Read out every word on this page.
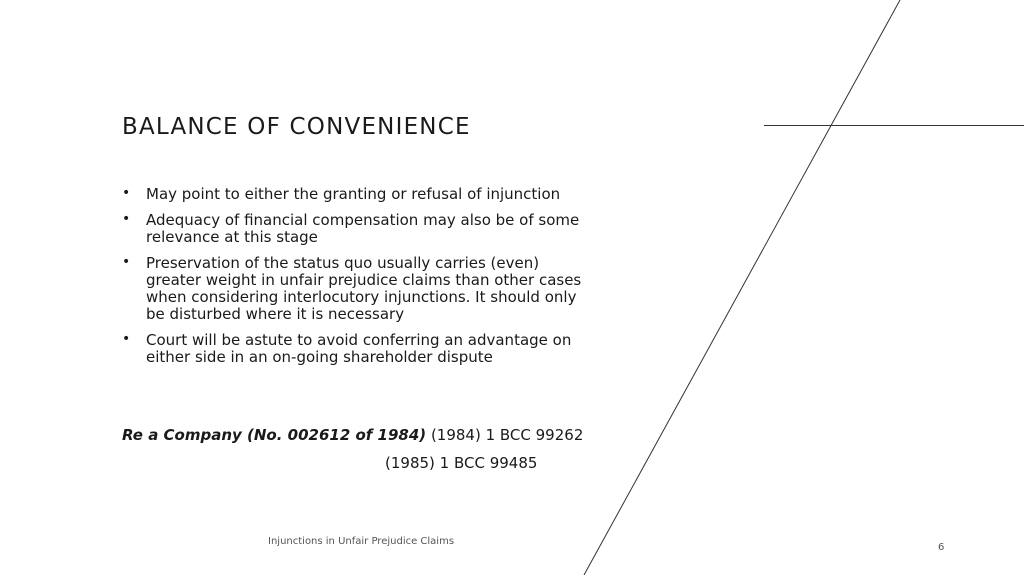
BALANCE OF CONVENIENCE
• May point to either the granting or refusal of injunction
• Adequacy of financial compensation may also be of some relevance at this stage
• Preservation of the status quo usually carries (even) greater weight in unfair prejudice claims than other cases when considering interlocutory injunctions. It should only be disturbed where it is necessary
• Court will be astute to avoid conferring an advantage on either side in an on-going shareholder dispute
Re a Company (No. 002612 of 1984) (1984) 1 BCC 99262
(1985) 1 BCC 99485
Injunctions in Unfair Prejudice Claims
6
